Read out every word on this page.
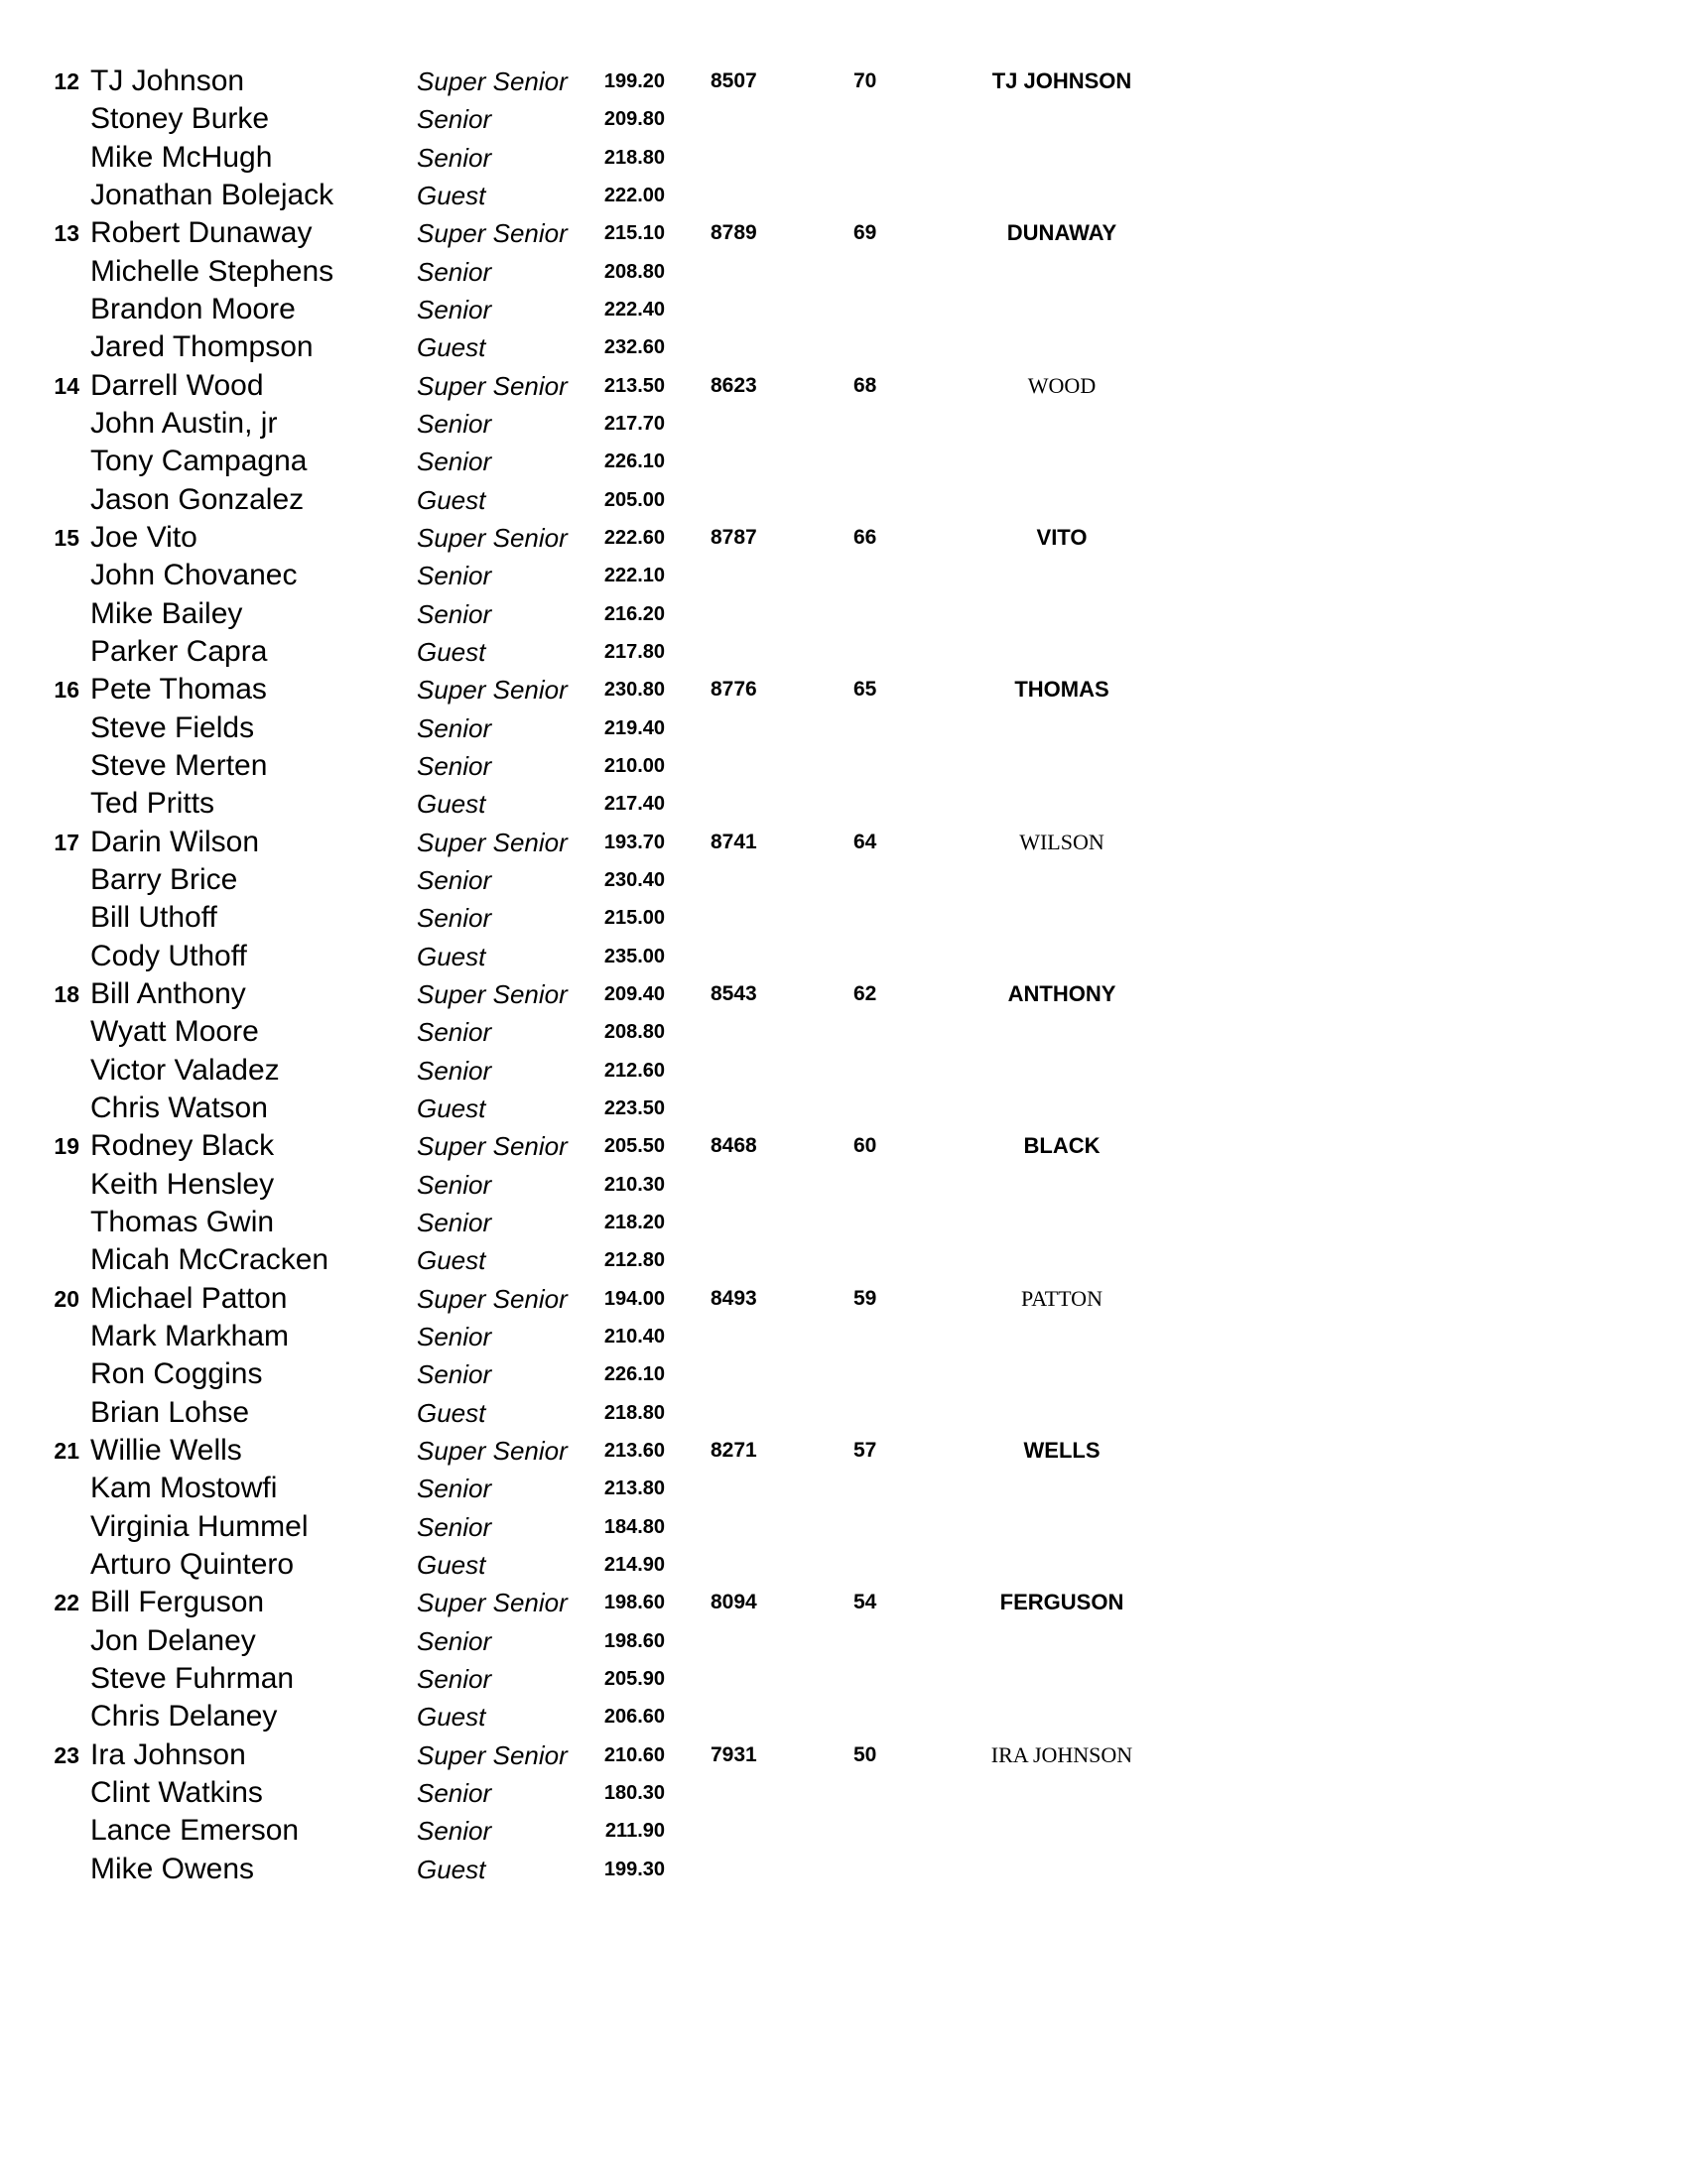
12 TJ Johnson	Super Senior	199.20 8507	70	TJ JOHNSON
Stoney Burke	Senior	209.80
Mike McHugh	Senior	218.80
Jonathan Bolejack	Guest	222.00
13 Robert Dunaway	Super Senior	215.10 8789	69	DUNAWAY
Michelle Stephens	Senior	208.80
Brandon Moore	Senior	222.40
Jared Thompson	Guest	232.60
14 Darrell Wood	Super Senior	213.50 8623	68	WOOD
John Austin, jr	Senior	217.70
Tony Campagna	Senior	226.10
Jason Gonzalez	Guest	205.00
15 Joe Vito	Super Senior	222.60 8787	66	VITO
John Chovanec	Senior	222.10
Mike Bailey	Senior	216.20
Parker Capra	Guest	217.80
16 Pete Thomas	Super Senior	230.80 8776	65	THOMAS
Steve Fields	Senior	219.40
Steve Merten	Senior	210.00
Ted Pritts	Guest	217.40
17 Darin Wilson	Super Senior	193.70 8741	64	WILSON
Barry Brice	Senior	230.40
Bill Uthoff	Senior	215.00
Cody Uthoff	Guest	235.00
18 Bill Anthony	Super Senior	209.40 8543	62	ANTHONY
Wyatt Moore	Senior	208.80
Victor Valadez	Senior	212.60
Chris Watson	Guest	223.50
19 Rodney Black	Super Senior	205.50 8468	60	BLACK
Keith Hensley	Senior	210.30
Thomas Gwin	Senior	218.20
Micah McCracken	Guest	212.80
20 Michael Patton	Super Senior	194.00 8493	59	PATTON
Mark Markham	Senior	210.40
Ron Coggins	Senior	226.10
Brian Lohse	Guest	218.80
21 Willie Wells	Super Senior	213.60 8271	57	WELLS
Kam Mostowfi	Senior	213.80
Virginia Hummel	Senior	184.80
Arturo Quintero	Guest	214.90
22 Bill Ferguson	Super Senior	198.60 8094	54	FERGUSON
Jon Delaney	Senior	198.60
Steve Fuhrman	Senior	205.90
Chris Delaney	Guest	206.60
23 Ira Johnson	Super Senior	210.60 7931	50	IRA JOHNSON
Clint Watkins	Senior	180.30
Lance Emerson	Senior	211.90
Mike Owens	Guest	199.30
